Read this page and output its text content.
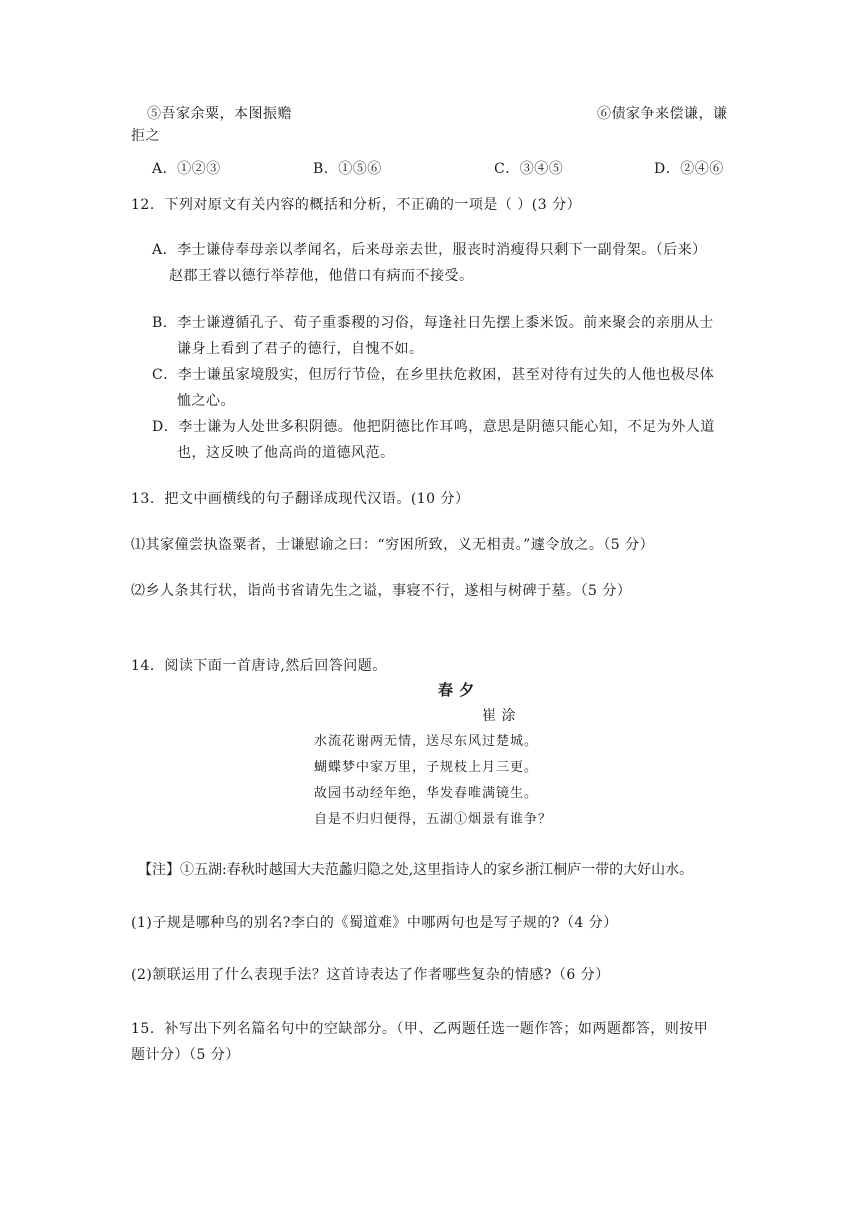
⑤吾家余粟，本图振赡	⑥债家争来偿谦，谦
拒之
A．①②③	B．①⑤⑥	C．③④⑤	D．②④⑥
12．下列对原文有关内容的概括和分析，不正确的一项是（ ）(3 分）
A．李士谦侍奉母亲以孝闻名，后来母亲去世，服丧时消瘦得只剩下一副骨架。（后来）
赵郡王睿以德行举荐他，他借口有病而不接受。
B．李士谦遵循孔子、荀子重黍稷的习俗，每逢社日先摆上黍米饭。前来聚会的亲朋从士
谦身上看到了君子的德行，自愧不如。
C．李士谦虽家境殷实，但厉行节俭，在乡里扶危救困，甚至对待有过失的人他也极尽体
恤之心。
D．李士谦为人处世多积阴德。他把阴德比作耳鸣，意思是阴德只能心知，不足为外人道
也，这反映了他高尚的道德风范。
13．把文中画横线的句子翻译成现代汉语。(10 分）
⑴其家僮尝执盗粟者，士谦慰谕之曰：“穷困所致，义无相责。”遽令放之。（5 分）
⑵乡人条其行状，诣尚书省请先生之谥，事寝不行，遂相与树碑于墓。（5 分）
14．阅读下面一首唐诗,然后回答问题。
春 夕
崔 涂
水流花谢两无情，送尽东风过楚城。
蝴蝶梦中家万里，子规枝上月三更。
故园书动经年绝，华发春唯满镜生。
自是不归归便得，五湖①烟景有谁争？
【注】①五湖:春秋时越国大夫范蠡归隐之处,这里指诗人的家乡浙江桐庐一带的大好山水。
(1)子规是哪种鸟的别名?李白的《蜀道难》中哪两句也是写子规的?（4 分）
(2)颔联运用了什么表现手法？这首诗表达了作者哪些复杂的情感?（6 分）
15．补写出下列名篇名句中的空缺部分。（甲、乙两题任选一题作答；如两题都答，则按甲
题计分）（5 分）
